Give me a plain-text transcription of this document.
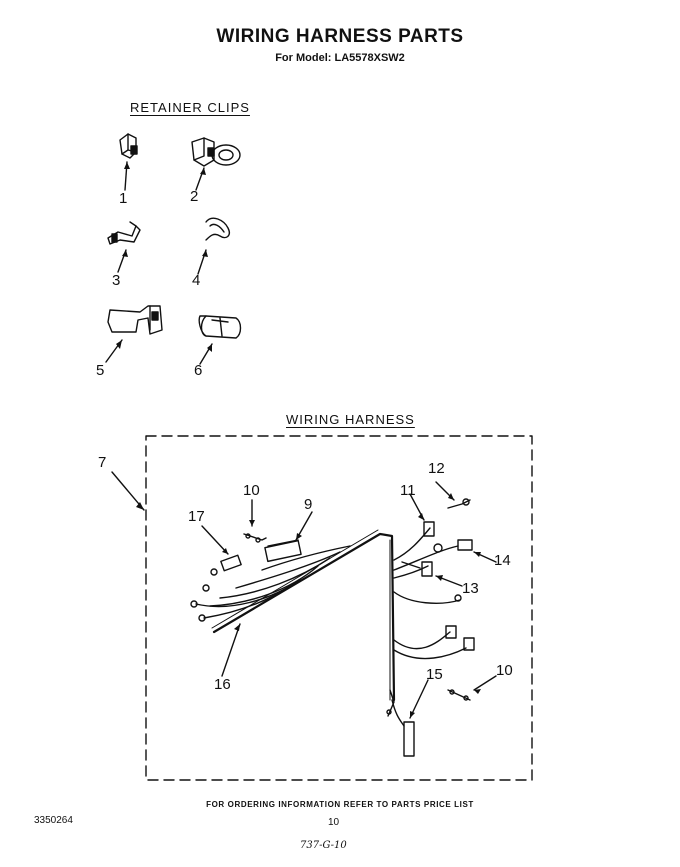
WIRING HARNESS PARTS
For Model: LA5578XSW2
RETAINER CLIPS
WIRING HARNESS
1	2
3	4
5	6
7
9
10
10
11
12
13
14
15
16
17
FOR ORDERING INFORMATION REFER TO PARTS PRICE LIST
3350264	10
737-G-10
